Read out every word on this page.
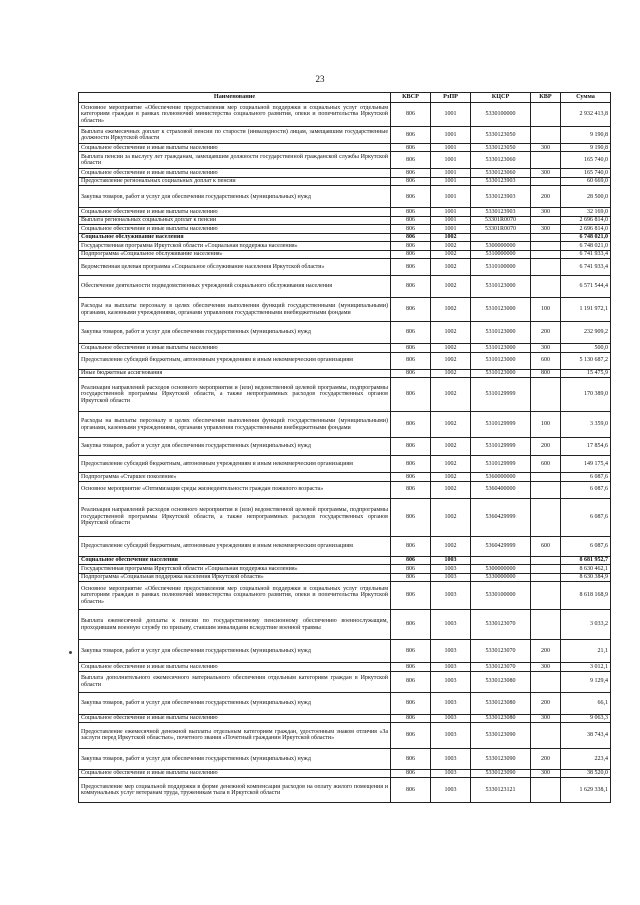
23
Наименование	КВСР	РзПР	КЦСР	КВР	Сумма
Основное мероприятие «Обеспечение предоставления мер социальной поддержки и социальных услуг отдельным категориям граждан в рамках полномочий министерства социального развития, опеки и попечительства Иркутской области»	806	1001	5330100000		2 932 413,8
Выплата ежемесячных доплат к страховой пенсии по старости (инвалидности) лицам, замещавшим государственные должности Иркутской области	806	1001	5330123050		9 190,8
Социальное обеспечение и иные выплаты населению	806	1001	5330123050	300	9 190,8
Выплата пенсии за выслугу лет гражданам, замещавшим должности государственной гражданской службы Иркутской области	806	1001	5330123060		165 740,0
Социальное обеспечение и иные выплаты населению	806	1001	5330123060	300	165 740,0
Предоставление региональных социальных доплат к пенсии	806	1001	5330123903		60 669,0
Закупка товаров, работ и услуг для обеспечения государственных (муниципальных) нужд	806	1001	5330123903	200	28 500,0
Социальное обеспечение и иные выплаты населению	806	1001	5330123903	300	32 169,0
Выплата региональных социальных доплат к пенсии	806	1001	53301R0070		2 696 814,0
Социальное обеспечение и иные выплаты населению	806	1001	53301R0070	300	2 696 814,0
Социальное обслуживание населения	806	1002			6 748 021,0
Государственная программа Иркутской области «Социальная поддержка населения»	806	1002	5300000000		6 748 021,0
Подпрограмма «Социальное обслуживание населения»	806	1002	5310000000		6 741 933,4
Ведомственная целевая программа «Социальное обслуживание населения Иркутской области»	806	1002	5310100000		6 741 933,4
Обеспечение деятельности подведомственных учреждений социального обслуживания населения	806	1002	5310123000		6 571 544,4
Расходы на выплаты персоналу в целях обеспечения выполнения функций государственными (муниципальными) органами, казенными учреждениями, органами управления государственными внебюджетными фондами	806	1002	5310123000	100	1 191 972,1
Закупка товаров, работ и услуг для обеспечения государственных (муниципальных) нужд	806	1002	5310123000	200	232 909,2
Социальное обеспечение и иные выплаты населению	806	1002	5310123000	300	500,0
Предоставление субсидий бюджетным, автономным учреждениям и иным некоммерческим организациям	806	1002	5310123000	600	5 130 687,2
Иные бюджетные ассигнования	806	1002	5310123000	800	15 475,9
Реализация направлений расходов основного мероприятия и (или) ведомственной целевой программы, подпрограммы государственной программы Иркутской области, а также непрограммных расходов государственных органов Иркутской области	806	1002	5310129999		170 389,0
Расходы на выплаты персоналу в целях обеспечения выполнения функций государственными (муниципальными) органами, казенными учреждениями, органами управления государственными внебюджетными фондами	806	1002	5310129999	100	3 359,0
Закупка товаров, работ и услуг для обеспечения государственных (муниципальных) нужд	806	1002	5310129999	200	17 854,6
Предоставление субсидий бюджетным, автономным учреждениям и иным некоммерческим организациям	806	1002	5310129999	600	149 175,4
Подпрограмма «Старшее поколение»	806	1002	5360000000		6 087,6
Основное мероприятие «Оптимизация среды жизнедеятельности граждан пожилого возраста»	806	1002	5360400000		6 087,6
Реализация направлений расходов основного мероприятия и (или) ведомственной целевой программы, подпрограммы государственной программы Иркутской области, а также непрограммных расходов государственных органов Иркутской области	806	1002	5360429999		6 087,6
Предоставление субсидий бюджетным, автономным учреждениям и иным некоммерческим организациям	806	1002	5360429999	600	6 087,6
Социальное обеспечение населения	806	1003			8 681 952,7
Государственная программа Иркутской области «Социальная поддержка населения»	806	1003	5300000000		8 630 462,1
Подпрограмма «Социальная поддержка населения Иркутской области»	806	1003	5330000000		8 630 384,9
Основное мероприятие «Обеспечение предоставления мер социальной поддержки и социальных услуг отдельным категориям граждан в рамках полномочий министерства социального развития, опеки и попечительства Иркутской области»	806	1003	5330100000		8 618 168,9
Выплата ежемесячной доплаты к пенсии по государственному пенсионному обеспечению военнослужащим, проходившим военную службу по призыву, ставшим инвалидами вследствие военной травмы	806	1003	5330123070		3 033,2
Закупка товаров, работ и услуг для обеспечения государственных (муниципальных) нужд	806	1003	5330123070	200	21,1
Социальное обеспечение и иные выплаты населению	806	1003	5330123070	300	3 012,1
Выплата дополнительного ежемесячного материального обеспечения отдельным категориям граждан в Иркутской области	806	1003	5330123080		9 129,4
Закупка товаров, работ и услуг для обеспечения государственных (муниципальных) нужд	806	1003	5330123080	200	66,1
Социальное обеспечение и иные выплаты населению	806	1003	5330123080	300	9 063,3
Предоставление ежемесячной денежной выплаты отдельным категориям граждан, удостоенным знаком отличия «За заслуги перед Иркутской областью», почетного звания «Почетный гражданин Иркутской области»	806	1003	5330123090		38 743,4
Закупка товаров, работ и услуг для обеспечения государственных (муниципальных) нужд	806	1003	5330123090	200	223,4
Социальное обеспечение и иные выплаты населению	806	1003	5330123090	300	38 520,0
Предоставление мер социальной поддержки в форме денежной компенсации расходов на оплату жилого помещения и коммунальных услуг ветеранам труда, труженикам тыла в Иркутской области	806	1003	5330123121		1 629 338,1
